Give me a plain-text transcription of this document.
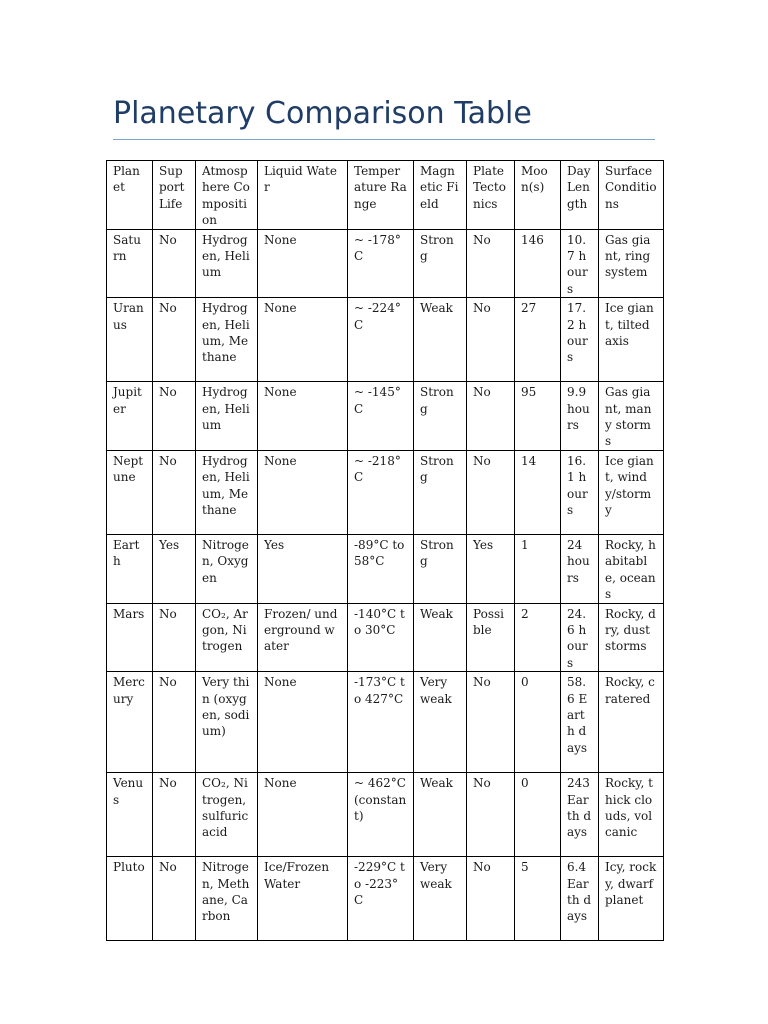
Planetary Comparison Table
Planet	Support Life	Atmosphere Composition	Liquid Water	Temperature Range	Magnetic Field	Plate Tectonics	Moon(s)	Day Length	Surface Conditions
Saturn	No	Hydrogen, Helium	None	~ -178°C	Strong	No	146	10.7 hours	Gas giant, ring system
Uranus	No	Hydrogen, Helium, Methane	None	~ -224°C	Weak	No	27	17.2 hours	Ice giant, tilted axis
Jupiter	No	Hydrogen, Helium	None	~ -145°C	Strong	No	95	9.9 hours	Gas giant, many storms
Neptune	No	Hydrogen, Helium, Methane	None	~ -218°C	Strong	No	14	16.1 hours	Ice giant, windy/stormy
Earth	Yes	Nitrogen, Oxygen	Yes	-89°C to 58°C	Strong	Yes	1	24 hours	Rocky, habitable, oceans
Mars	No	CO₂, Argon, Nitrogen	Frozen/ underground water	-140°C to 30°C	Weak	Possible	2	24.6 hours	Rocky, dry, dust storms
Mercury	No	Very thin (oxygen, sodium)	None	-173°C to 427°C	Very weak	No	0	58.6 Earth days	Rocky, cratered
Venus	No	CO₂, Nitrogen, sulfuric acid	None	~ 462°C (constant)	Weak	No	0	243 Earth days	Rocky, thick clouds, volcanic
Pluto	No	Nitrogen, Methane, Carbon	Ice/Frozen Water	-229°C to -223°C	Very weak	No	5	6.4 Earth days	Icy, rocky, dwarf planet
